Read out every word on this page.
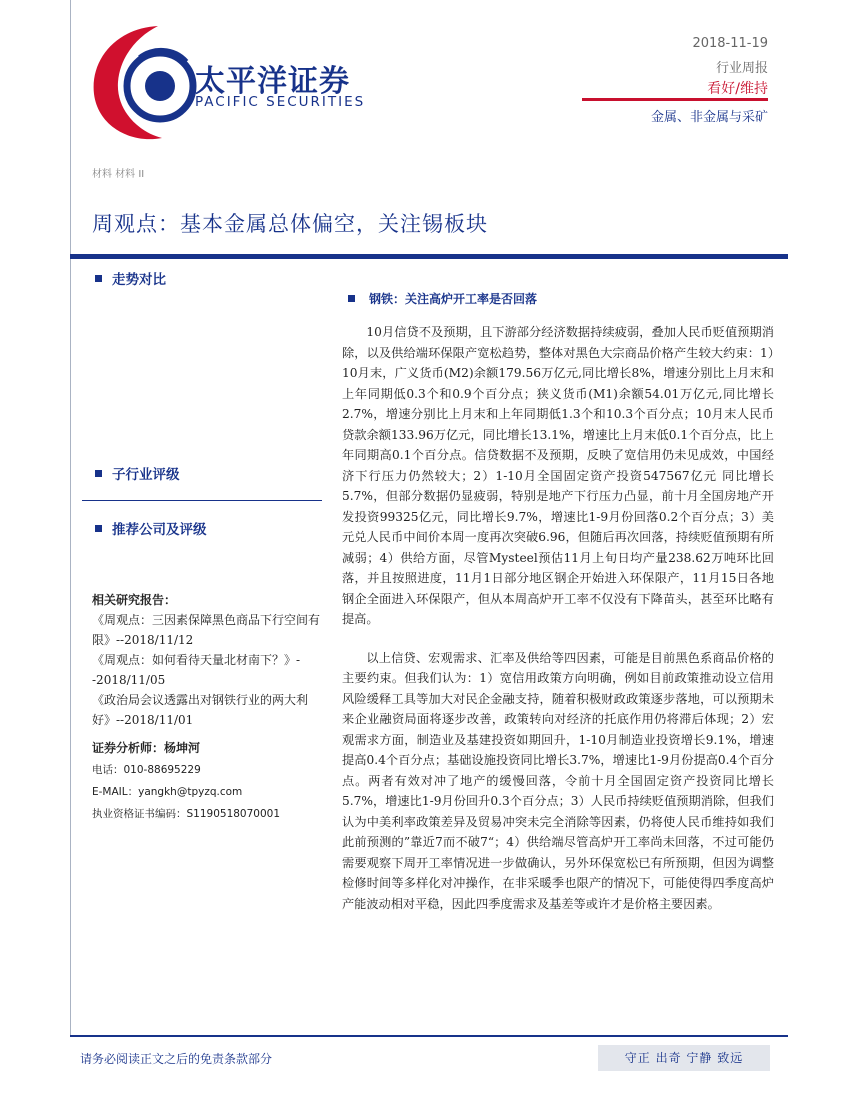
太平洋证券
PACIFIC SECURITIES
2018-11-19
行业周报
看好/维持
金属、非金属与采矿
材料 材料 II
周观点：基本金属总体偏空，关注锡板块
走势对比
子行业评级
推荐公司及评级
相关研究报告：

《周观点：三因素保障黑色商品下行空间有限》--2018/11/12

《周观点：如何看待天量北材南下？》--2018/11/05

《政治局会议透露出对钢铁行业的两大利好》--2018/11/01

证券分析师：杨坤河
电话：010-88695229
E-MAIL：yangkh@tpyzq.com
执业资格证书编码：S1190518070001
钢铁：关注高炉开工率是否回落

10月信贷不及预期，且下游部分经济数据持续疲弱，叠加人民币贬值预期消除，以及供给端环保限产宽松趋势，整体对黑色大宗商品价格产生较大约束：1）10月末，广义货币(M2)余额179.56万亿元,同比增长8%，增速分别比上月末和上年同期低0.3个和0.9个百分点；狭义货币(M1)余额54.01万亿元,同比增长2.7%，增速分别比上月末和上年同期低1.3个和10.3个百分点；10月末人民币贷款余额133.96万亿元，同比增长13.1%，增速比上月末低0.1个百分点，比上年同期高0.1个百分点。信贷数据不及预期，反映了宽信用仍未见成效，中国经济下行压力仍然较大；2）1-10月全国固定资产投资547567亿元 同比增长5.7%，但部分数据仍显疲弱，特别是地产下行压力凸显，前十月全国房地产开发投资99325亿元，同比增长9.7%，增速比1-9月份回落0.2个百分点；3）美元兑人民币中间价本周一度再次突破6.96，但随后再次回落，持续贬值预期有所减弱；4）供给方面，尽管Mysteel预估11月上旬日均产量238.62万吨环比回落，并且按照进度，11月1日部分地区钢企开始进入环保限产，11月15日各地钢企全面进入环保限产，但从本周高炉开工率不仅没有下降苗头，甚至环比略有提高。

以上信贷、宏观需求、汇率及供给等四因素，可能是目前黑色系商品价格的主要约束。但我们认为：1）宽信用政策方向明确，例如目前政策推动设立信用风险缓释工具等加大对民企金融支持，随着积极财政政策逐步落地，可以预期未来企业融资局面将逐步改善，政策转向对经济的托底作用仍将滞后体现；2）宏观需求方面，制造业及基建投资如期回升，1-10月制造业投资增长9.1%，增速提高0.4个百分点；基础设施投资同比增长3.7%，增速比1-9月份提高0.4个百分点。两者有效对冲了地产的缓慢回落，令前十月全国固定资产投资同比增长5.7%，增速比1-9月份回升0.3个百分点；3）人民币持续贬值预期消除，但我们认为中美利率政策差异及贸易冲突未完全消除等因素，仍将使人民币维持如我们此前预测的”靠近7而不破7“；4）供给端尽管高炉开工率尚未回落，不过可能仍需要观察下周开工率情况进一步做确认，另外环保宽松已有所预期，但因为调整检修时间等多样化对冲操作，在非采暖季也限产的情况下，可能使得四季度高炉产能波动相对平稳，因此四季度需求及基差等或许才是价格主要因素。

请务必阅读正文之后的免责条款部分	守正 出奇 宁静 致远
